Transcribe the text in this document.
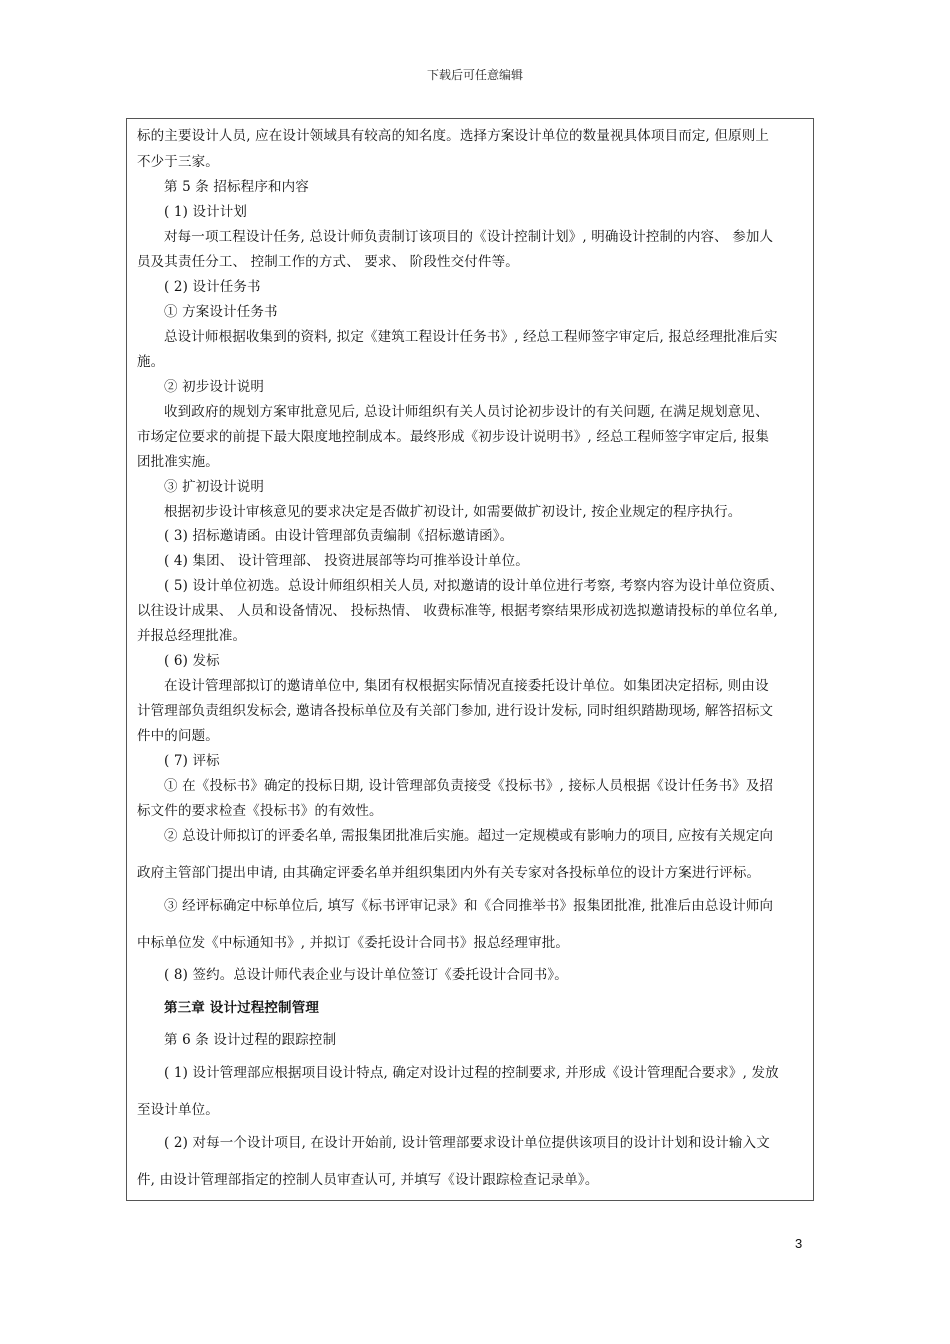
下载后可任意编辑
标的主要设计人员, 应在设计领域具有较高的知名度。选择方案设计单位的数量视具体项目而定, 但原则上
不少于三家。
第 5 条 招标程序和内容
( 1) 设计计划
对每一项工程设计任务, 总设计师负责制订该项目的《设计控制计划》, 明确设计控制的内容、 参加人
员及其责任分工、 控制工作的方式、 要求、 阶段性交付件等。
( 2) 设计任务书
① 方案设计任务书
总设计师根据收集到的资料, 拟定《建筑工程设计任务书》, 经总工程师签字审定后, 报总经理批准后实
施。
② 初步设计说明
收到政府的规划方案审批意见后, 总设计师组织有关人员讨论初步设计的有关问题, 在满足规划意见、
市场定位要求的前提下最大限度地控制成本。最终形成《初步设计说明书》, 经总工程师签字审定后, 报集
团批准实施。
③ 扩初设计说明
根据初步设计审核意见的要求决定是否做扩初设计, 如需要做扩初设计, 按企业规定的程序执行。
( 3) 招标邀请函。由设计管理部负责编制《招标邀请函》。
( 4) 集团、 设计管理部、 投资进展部等均可推举设计单位。
( 5) 设计单位初选。总设计师组织相关人员, 对拟邀请的设计单位进行考察, 考察内容为设计单位资质、
以往设计成果、 人员和设备情况、 投标热情、 收费标准等, 根据考察结果形成初选拟邀请投标的单位名单,
并报总经理批准。
( 6) 发标
在设计管理部拟订的邀请单位中, 集团有权根据实际情况直接委托设计单位。如集团决定招标, 则由设
计管理部负责组织发标会, 邀请各投标单位及有关部门参加, 进行设计发标, 同时组织踏勘现场, 解答招标文
件中的问题。
( 7) 评标
① 在《投标书》确定的投标日期, 设计管理部负责接受《投标书》, 接标人员根据《设计任务书》及招
标文件的要求检查《投标书》的有效性。
② 总设计师拟订的评委名单, 需报集团批准后实施。超过一定规模或有影响力的项目, 应按有关规定向
政府主管部门提出申请, 由其确定评委名单并组织集团内外有关专家对各投标单位的设计方案进行评标。
③ 经评标确定中标单位后, 填写《标书评审记录》和《合同推举书》报集团批准, 批准后由总设计师向
中标单位发《中标通知书》, 并拟订《委托设计合同书》报总经理审批。
( 8) 签约。总设计师代表企业与设计单位签订《委托设计合同书》。
第三章 设计过程控制管理
第 6 条 设计过程的跟踪控制
( 1) 设计管理部应根据项目设计特点, 确定对设计过程的控制要求, 并形成《设计管理配合要求》, 发放
至设计单位。
( 2) 对每一个设计项目, 在设计开始前, 设计管理部要求设计单位提供该项目的设计计划和设计输入文
件, 由设计管理部指定的控制人员审查认可, 并填写《设计跟踪检查记录单》。
3
